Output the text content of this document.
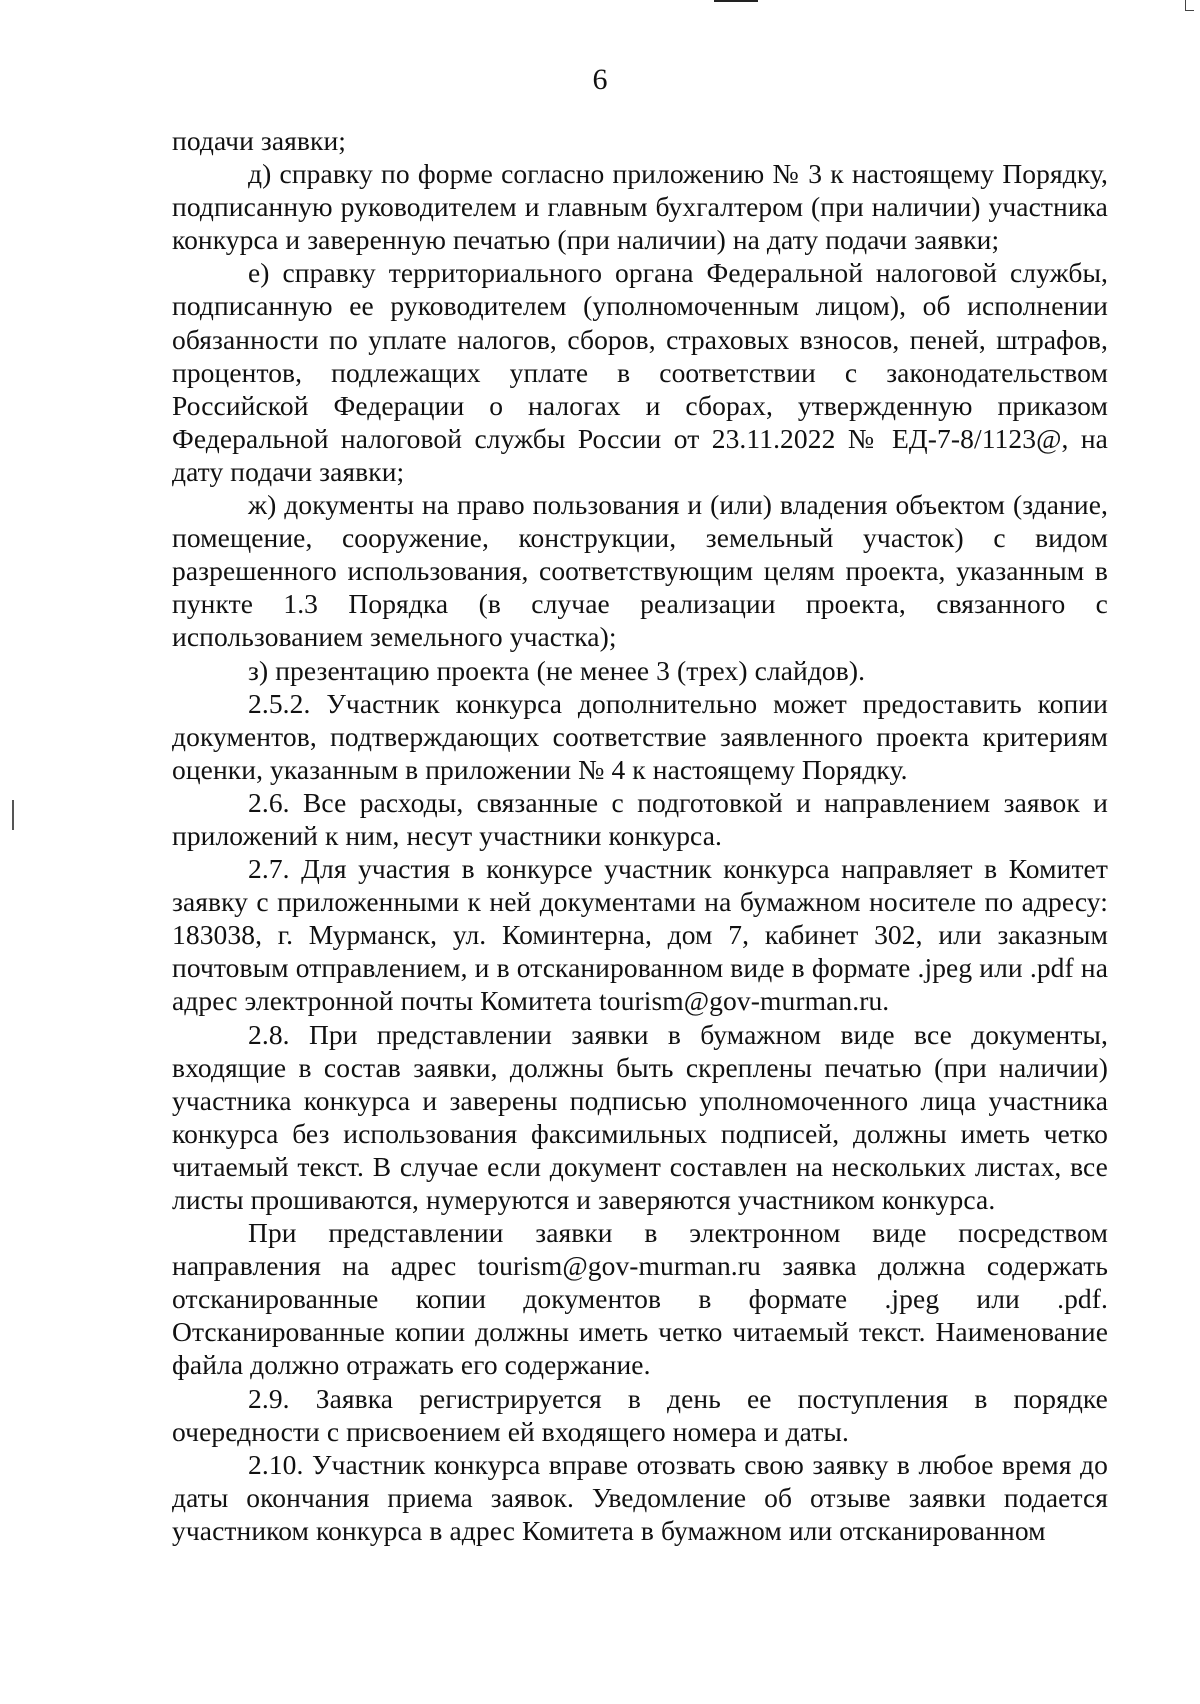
6

подачи заявки;

д) справку по форме согласно приложению № 3 к настоящему Порядку, подписанную руководителем и главным бухгалтером (при наличии) участника конкурса и заверенную печатью (при наличии) на дату подачи заявки;

е) справку территориального органа Федеральной налоговой службы, подписанную ее руководителем (уполномоченным лицом), об исполнении обязанности по уплате налогов, сборов, страховых взносов, пеней, штрафов, процентов, подлежащих уплате в соответствии с законодательством Российской Федерации о налогах и сборах, утвержденную приказом Федеральной налоговой службы России от 23.11.2022 № ЕД-7-8/1123@, на дату подачи заявки;

ж) документы на право пользования и (или) владения объектом (здание, помещение, сооружение, конструкции, земельный участок) с видом разрешенного использования, соответствующим целям проекта, указанным в пункте 1.3 Порядка (в случае реализации проекта, связанного с использованием земельного участка);

з) презентацию проекта (не менее 3 (трех) слайдов).

2.5.2. Участник конкурса дополнительно может предоставить копии документов, подтверждающих соответствие заявленного проекта критериям оценки, указанным в приложении № 4 к настоящему Порядку.

2.6. Все расходы, связанные с подготовкой и направлением заявок и приложений к ним, несут участники конкурса.

2.7. Для участия в конкурсе участник конкурса направляет в Комитет заявку с приложенными к ней документами на бумажном носителе по адресу: 183038, г. Мурманск, ул. Коминтерна, дом 7, кабинет 302, или заказным почтовым отправлением, и в отсканированном виде в формате .jpeg или .pdf на адрес электронной почты Комитета tourism@gov-murman.ru.

2.8. При представлении заявки в бумажном виде все документы, входящие в состав заявки, должны быть скреплены печатью (при наличии) участника конкурса и заверены подписью уполномоченного лица участника конкурса без использования факсимильных подписей, должны иметь четко читаемый текст. В случае если документ составлен на нескольких листах, все листы прошиваются, нумеруются и заверяются участником конкурса.

При представлении заявки в электронном виде посредством направления на адрес tourism@gov-murman.ru заявка должна содержать отсканированные копии документов в формате .jpeg или .pdf. Отсканированные копии должны иметь четко читаемый текст. Наименование файла должно отражать его содержание.

2.9. Заявка регистрируется в день ее поступления в порядке очередности с присвоением ей входящего номера и даты.

2.10. Участник конкурса вправе отозвать свою заявку в любое время до даты окончания приема заявок. Уведомление об отзыве заявки подается участником конкурса в адрес Комитета в бумажном или отсканированном
